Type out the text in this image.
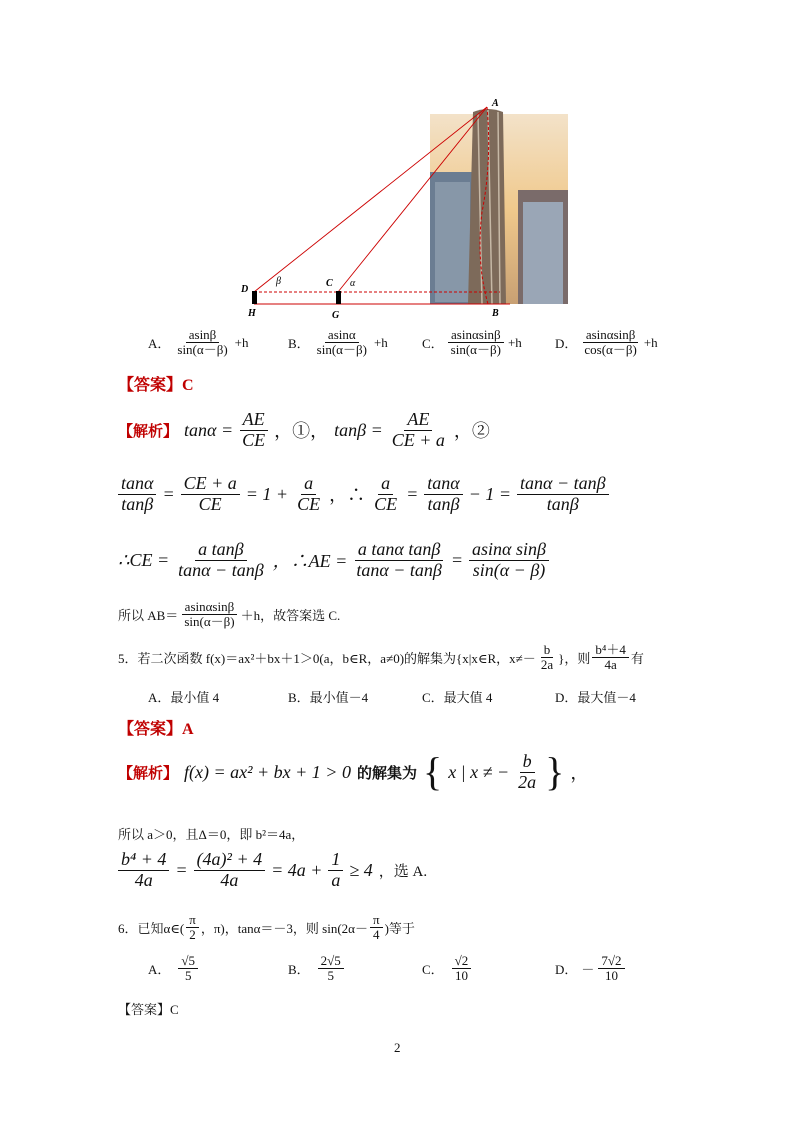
A
B
C
D
G
H
α
β
A． $\frac{asin\beta}{\sin(\alpha-\beta)} +h$	B． $\frac{asin\alpha}{\sin(\alpha-\beta)} +h$	C． $\frac{asin\alpha\sin\beta}{\sin(\alpha-\beta)} +h$	D． $\frac{asin\alpha\sin\beta}{\cos(\alpha-\beta)} +h$
【答案】C
【解析】 $\tan\alpha = \frac{AE}{CE}$ ，①， $\tan\beta = \frac{AE}{CE + a}$ ，②
$\frac{\tan\alpha}{\tan\beta} = \frac{CE + a}{CE} = 1 + \frac{a}{CE}$ ，∴ $\frac{a}{CE} = \frac{\tan\alpha}{\tan\beta} - 1 = \frac{\tan\alpha - \tan\beta}{\tan\beta}$
∴CE = $\frac{\text{a tanβ}}{\tan\alpha - \tan\beta}$ ，∴AE = $\frac{\text{a tanα tanβ}}{\tan\alpha - \tan\beta} = \frac{\text{asinα sinβ}}{\sin(\alpha - \beta)}$
所以 $AB= \frac{asin\alpha\sin\beta}{\sin(\alpha-\beta)} +h$，故答案选 C.
5．若二次函数 f(x)＝ax²＋bx＋1＞0(a，b∈R，a≠0)的解集为{x|x∈R，$x\ne- \frac{b}{2a}$ }，则 $\frac{\text{b⁴＋4}}{4a}$ 有
A．最小值 4	B．最小值－4	C．最大值 4	D．最大值－4
【答案】A
【解析】 f(x) = ax² + bx + 1 > 0 的解集为 { x | x ≠ − $\frac{b}{2a}$ } ，
所以 a＞0，且Δ＝0，即 b²＝4a，
$\frac{\text{b⁴ + 4}}{4a} = \frac{\text{(4a)² + 4}}{4a} = 4a + \frac{1}{a} \ge 4$ ，选 A.
6．已知α∈( $\frac{\pi}{2}$ ，π)，tanα＝－3，则 $\sin(2\alpha- \frac{\pi}{4}$ )等于
A． $\frac{√5}{5}$	B． $\frac{2√5}{5}$	C． $\frac{√2}{10}$	D． － $\frac{7√2}{10}$
【答案】C
2
